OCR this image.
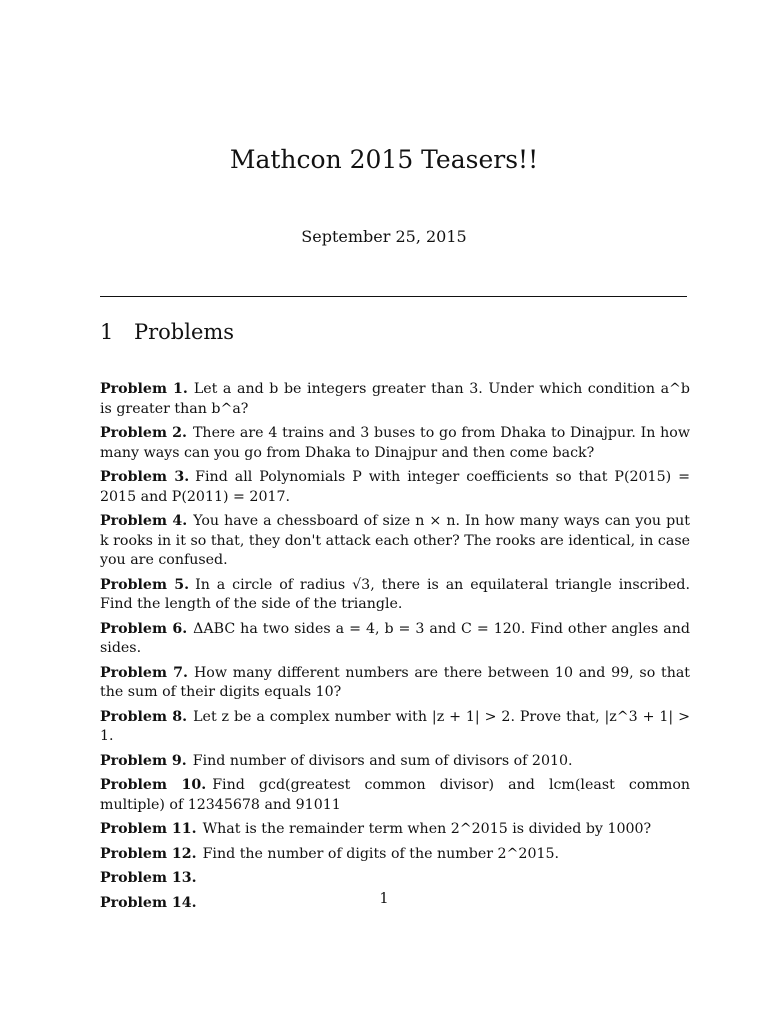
Mathcon 2015 Teasers!!
September 25, 2015
1 Problems

Problem 1. Let a and b be integers greater than 3. Under which condition a^b is greater than b^a?

Problem 2. There are 4 trains and 3 buses to go from Dhaka to Dinajpur. In how many ways can you go from Dhaka to Dinajpur and then come back?

Problem 3. Find all Polynomials P with integer coefficients so that P(2015) = 2015 and P(2011) = 2017.

Problem 4. You have a chessboard of size n × n. In how many ways can you put k rooks in it so that, they don't attack each other? The rooks are identical, in case you are confused.

Problem 5. In a circle of radius √3, there is an equilateral triangle inscribed. Find the length of the side of the triangle.

Problem 6. ΔABC ha two sides a = 4, b = 3 and C = 120. Find other angles and sides.

Problem 7. How many different numbers are there between 10 and 99, so that the sum of their digits equals 10?

Problem 8. Let z be a complex number with |z + 1| > 2. Prove that, |z^3 + 1| > 1.

Problem 9. Find number of divisors and sum of divisors of 2010.

Problem 10. Find gcd(greatest common divisor) and lcm(least common multiple) of 12345678 and 91011

Problem 11. What is the remainder term when 2^2015 is divided by 1000?

Problem 12. Find the number of digits of the number 2^2015.

Problem 13.

Problem 14.	1
